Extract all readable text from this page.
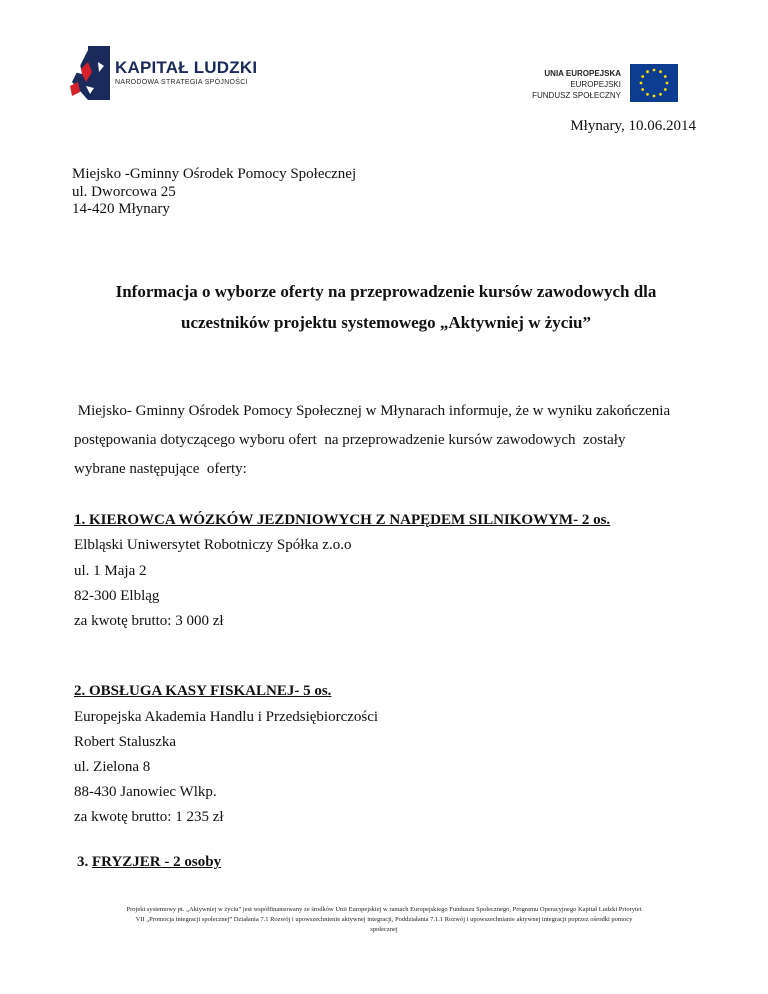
KAPITAŁ LUDZKI
NARODOWA STRATEGIA SPÓJNOŚCI
UNIA EUROPEJSKA
EUROPEJSKI
FUNDUSZ SPOŁECZNY
Młynary, 10.06.2014
Miejsko -Gminny Ośrodek Pomocy Społecznej
ul. Dworcowa 25
14-420 Młynary
Informacja o wyborze oferty na przeprowadzenie kursów zawodowych dla
uczestników projektu systemowego „Aktywniej w życiu”
Miejsko- Gminny Ośrodek Pomocy Społecznej w Młynarach informuje, że w wyniku zakończenia
postępowania dotyczącego wyboru ofert  na przeprowadzenie kursów zawodowych  zostały
wybrane następujące  oferty:
1. KIEROWCA WÓZKÓW JEZDNIOWYCH Z NAPĘDEM SILNIKOWYM- 2 os.
Elbląski Uniwersytet Robotniczy Spółka z.o.o
ul. 1 Maja 2
82-300 Elbląg
za kwotę brutto: 3 000 zł
2. OBSŁUGA KASY FISKALNEJ- 5 os.
Europejska Akademia Handlu i Przedsiębiorczości
Robert Staluszka
ul. Zielona 8
88-430 Janowiec Wlkp.
za kwotę brutto: 1 235 zł
3. FRYZJER - 2 osoby
Projekt systemowy pt. „Aktywniej w życiu” jest współfinansowany ze środków Unii Europejskiej w ramach Europejskiego Funduszu Społecznego, Programu Operacyjnego Kapitał Ludzki Priorytet
VII „Promocja integracji społecznej” Działania 7.1 Rozwój i upowszechnienie aktywnej integracji, Poddziałania 7.1.1 Rozwój i upowszechnianie aktywnej integracji poprzez ośrodki pomocy
społecznej
